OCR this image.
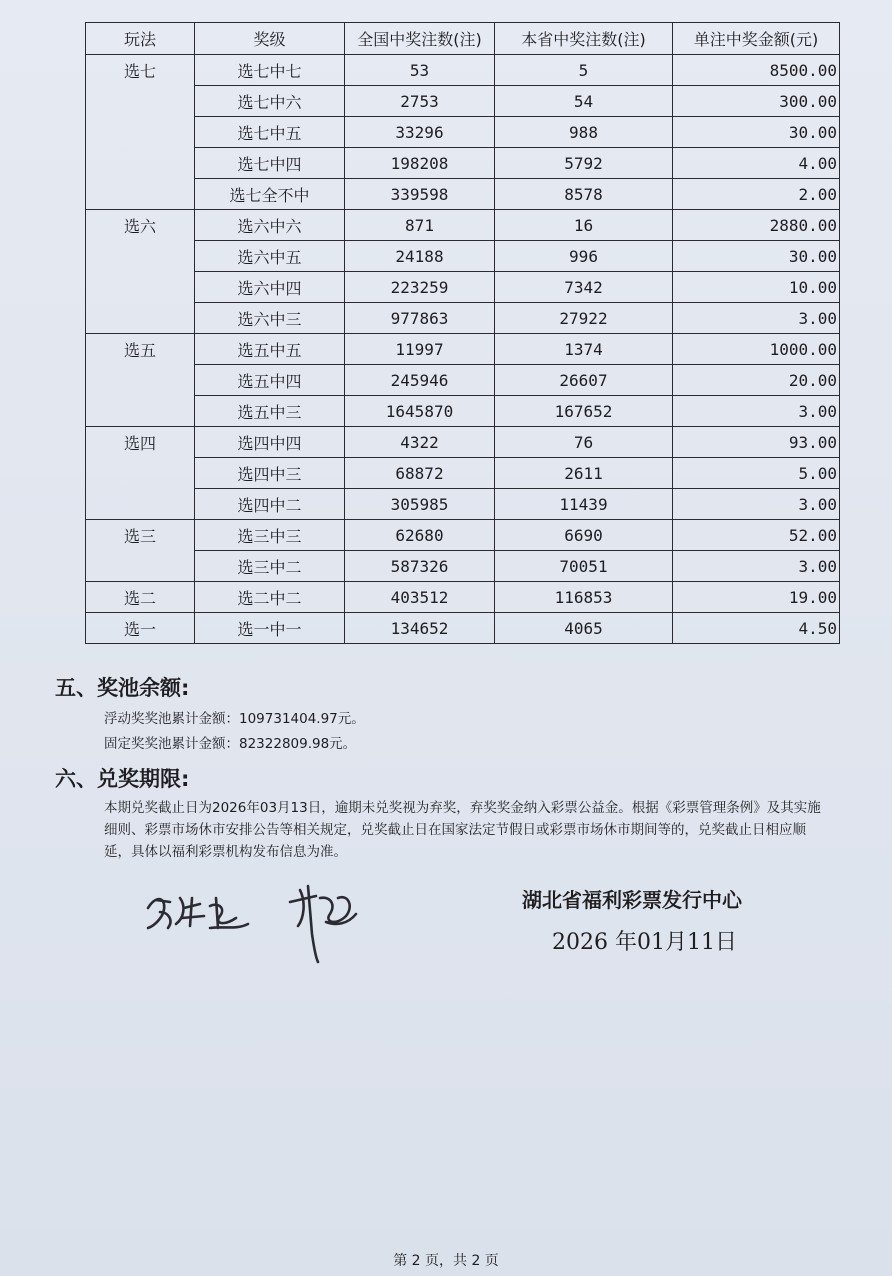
玩法	奖级	全国中奖注数(注)	本省中奖注数(注)	单注中奖金额(元)
选七	选七中七	53	5	8500.00
	选七中六	2753	54	300.00
	选七中五	33296	988	30.00
	选七中四	198208	5792	4.00
	选七全不中	339598	8578	2.00
选六	选六中六	871	16	2880.00
	选六中五	24188	996	30.00
	选六中四	223259	7342	10.00
	选六中三	977863	27922	3.00
选五	选五中五	11997	1374	1000.00
	选五中四	245946	26607	20.00
	选五中三	1645870	167652	3.00
选四	选四中四	4322	76	93.00
	选四中三	68872	2611	5.00
	选四中二	305985	11439	3.00
选三	选三中三	62680	6690	52.00
	选三中二	587326	70051	3.00
选二	选二中二	403512	116853	19.00
选一	选一中一	134652	4065	4.50
五、奖池余额:

浮动奖奖池累计金额：109731404.97元。

固定奖奖池累计金额：82322809.98元。

六、兑奖期限:

本期兑奖截止日为2026年03月13日，逾期未兑奖视为弃奖，弃奖奖金纳入彩票公益金。根据《彩票管理条例》及其实施细则、彩票市场休市安排公告等相关规定，兑奖截止日在国家法定节假日或彩票市场休市期间等的，兑奖截止日相应顺延，具体以福利彩票机构发布信息为准。

湖北省福利彩票发行中心

2026 年01月11日

第 2 页，共 2 页
